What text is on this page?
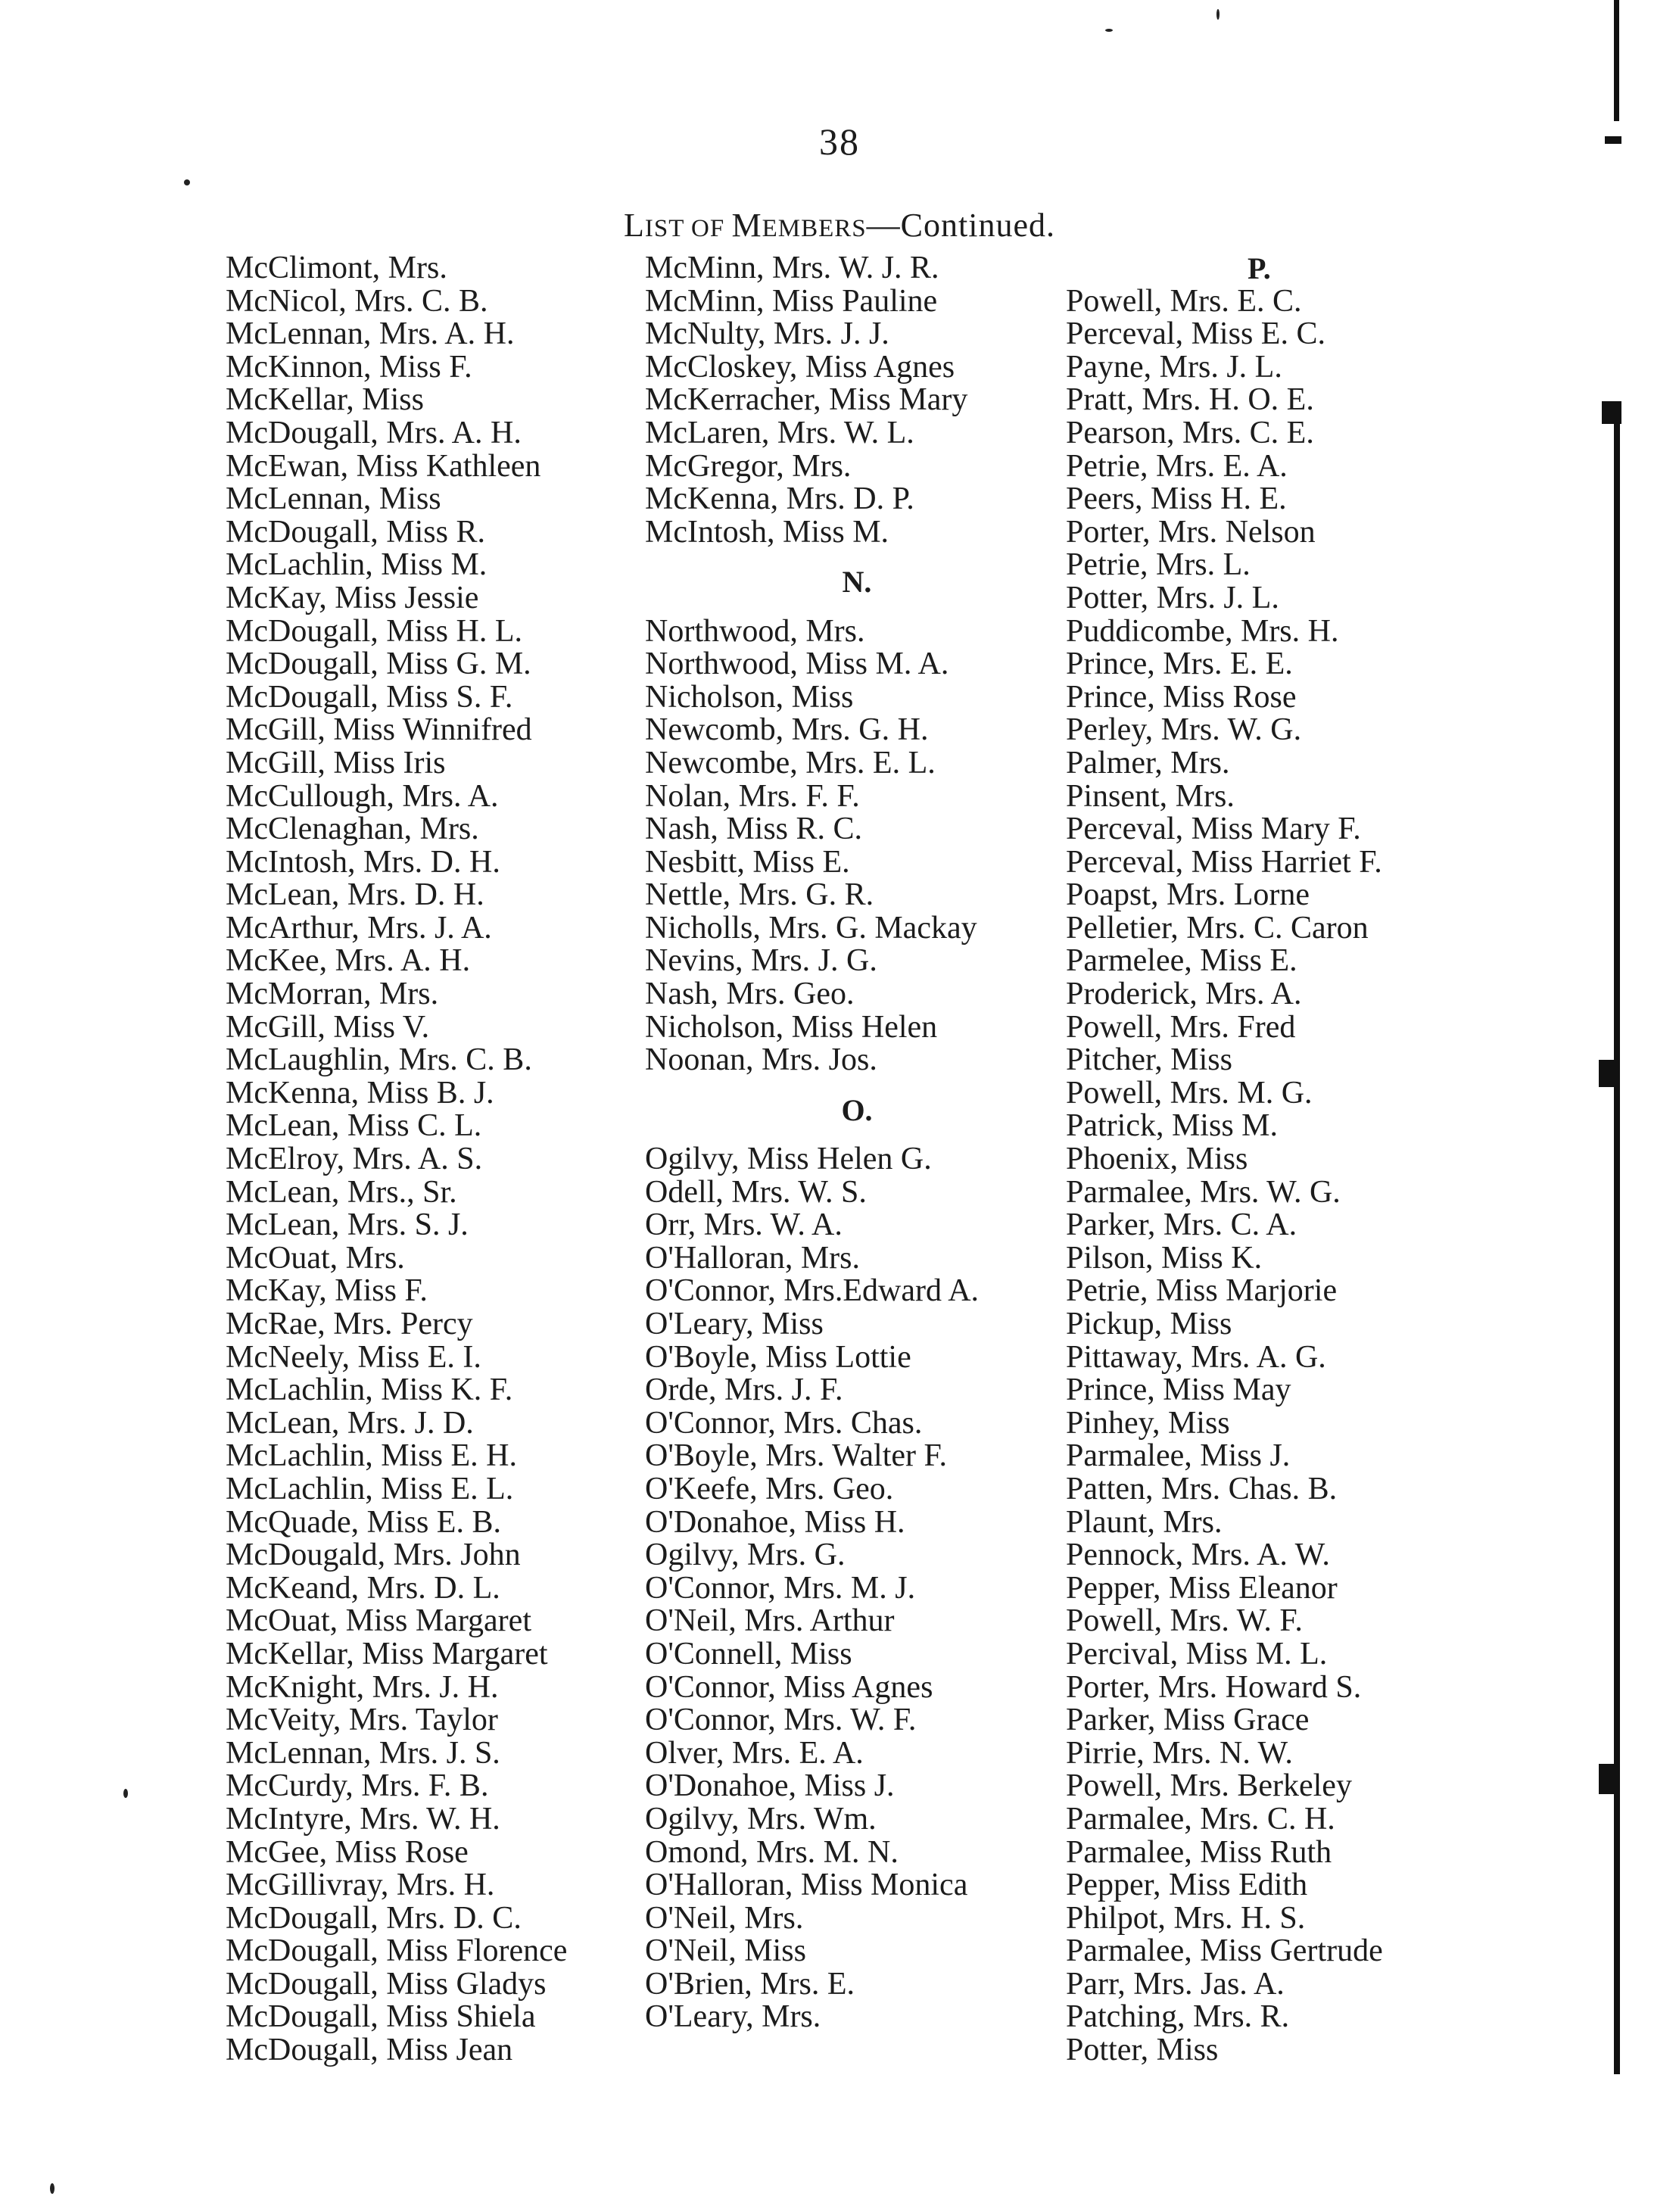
38
LIST OF MEMBERS—Continued.
McClimont, Mrs.
McNicol, Mrs. C. B.
McLennan, Mrs. A. H.
McKinnon, Miss F.
McKellar, Miss
McDougall, Mrs. A. H.
McEwan, Miss Kathleen
McLennan, Miss
McDougall, Miss R.
McLachlin, Miss M.
McKay, Miss Jessie
McDougall, Miss H. L.
McDougall, Miss G. M.
McDougall, Miss S. F.
McGill, Miss Winnifred
McGill, Miss Iris
McCullough, Mrs. A.
McClenaghan, Mrs.
McIntosh, Mrs. D. H.
McLean, Mrs. D. H.
McArthur, Mrs. J. A.
McKee, Mrs. A. H.
McMorran, Mrs.
McGill, Miss V.
McLaughlin, Mrs. C. B.
McKenna, Miss B. J.
McLean, Miss C. L.
McElroy, Mrs. A. S.
McLean, Mrs., Sr.
McLean, Mrs. S. J.
McOuat, Mrs.
McKay, Miss F.
McRae, Mrs. Percy
McNeely, Miss E. I.
McLachlin, Miss K. F.
McLean, Mrs. J. D.
McLachlin, Miss E. H.
McLachlin, Miss E. L.
McQuade, Miss E. B.
McDougald, Mrs. John
McKeand, Mrs. D. L.
McOuat, Miss Margaret
McKellar, Miss Margaret
McKnight, Mrs. J. H.
McVeity, Mrs. Taylor
McLennan, Mrs. J. S.
McCurdy, Mrs. F. B.
McIntyre, Mrs. W. H.
McGee, Miss Rose
McGillivray, Mrs. H.
McDougall, Mrs. D. C.
McDougall, Miss Florence
McDougall, Miss Gladys
McDougall, Miss Shiela
McDougall, Miss Jean
McMinn, Mrs. W. J. R.
McMinn, Miss Pauline
McNulty, Mrs. J. J.
McCloskey, Miss Agnes
McKerracher, Miss Mary
McLaren, Mrs. W. L.
McGregor, Mrs.
McKenna, Mrs. D. P.
McIntosh, Miss M.
N.
Northwood, Mrs.
Northwood, Miss M. A.
Nicholson, Miss
Newcomb, Mrs. G. H.
Newcombe, Mrs. E. L.
Nolan, Mrs. F. F.
Nash, Miss R. C.
Nesbitt, Miss E.
Nettle, Mrs. G. R.
Nicholls, Mrs. G. Mackay
Nevins, Mrs. J. G.
Nash, Mrs. Geo.
Nicholson, Miss Helen
Noonan, Mrs. Jos.
O.
Ogilvy, Miss Helen G.
Odell, Mrs. W. S.
Orr, Mrs. W. A.
O'Halloran, Mrs.
O'Connor, Mrs.Edward A.
O'Leary, Miss
O'Boyle, Miss Lottie
Orde, Mrs. J. F.
O'Connor, Mrs. Chas.
O'Boyle, Mrs. Walter F.
O'Keefe, Mrs. Geo.
O'Donahoe, Miss H.
Ogilvy, Mrs. G.
O'Connor, Mrs. M. J.
O'Neil, Mrs. Arthur
O'Connell, Miss
O'Connor, Miss Agnes
O'Connor, Mrs. W. F.
Olver, Mrs. E. A.
O'Donahoe, Miss J.
Ogilvy, Mrs. Wm.
Omond, Mrs. M. N.
O'Halloran, Miss Monica
O'Neil, Mrs.
O'Neil, Miss
O'Brien, Mrs. E.
O'Leary, Mrs.
P.
Powell, Mrs. E. C.
Perceval, Miss E. C.
Payne, Mrs. J. L.
Pratt, Mrs. H. O. E.
Pearson, Mrs. C. E.
Petrie, Mrs. E. A.
Peers, Miss H. E.
Porter, Mrs. Nelson
Petrie, Mrs. L.
Potter, Mrs. J. L.
Puddicombe, Mrs. H.
Prince, Mrs. E. E.
Prince, Miss Rose
Perley, Mrs. W. G.
Palmer, Mrs.
Pinsent, Mrs.
Perceval, Miss Mary F.
Perceval, Miss Harriet F.
Poapst, Mrs. Lorne
Pelletier, Mrs. C. Caron
Parmelee, Miss E.
Proderick, Mrs. A.
Powell, Mrs. Fred
Pitcher, Miss
Powell, Mrs. M. G.
Patrick, Miss M.
Phoenix, Miss
Parmalee, Mrs. W. G.
Parker, Mrs. C. A.
Pilson, Miss K.
Petrie, Miss Marjorie
Pickup, Miss
Pittaway, Mrs. A. G.
Prince, Miss May
Pinhey, Miss
Parmalee, Miss J.
Patten, Mrs. Chas. B.
Plaunt, Mrs.
Pennock, Mrs. A. W.
Pepper, Miss Eleanor
Powell, Mrs. W. F.
Percival, Miss M. L.
Porter, Mrs. Howard S.
Parker, Miss Grace
Pirrie, Mrs. N. W.
Powell, Mrs. Berkeley
Parmalee, Mrs. C. H.
Parmalee, Miss Ruth
Pepper, Miss Edith
Philpot, Mrs. H. S.
Parmalee, Miss Gertrude
Parr, Mrs. Jas. A.
Patching, Mrs. R.
Potter, Miss
